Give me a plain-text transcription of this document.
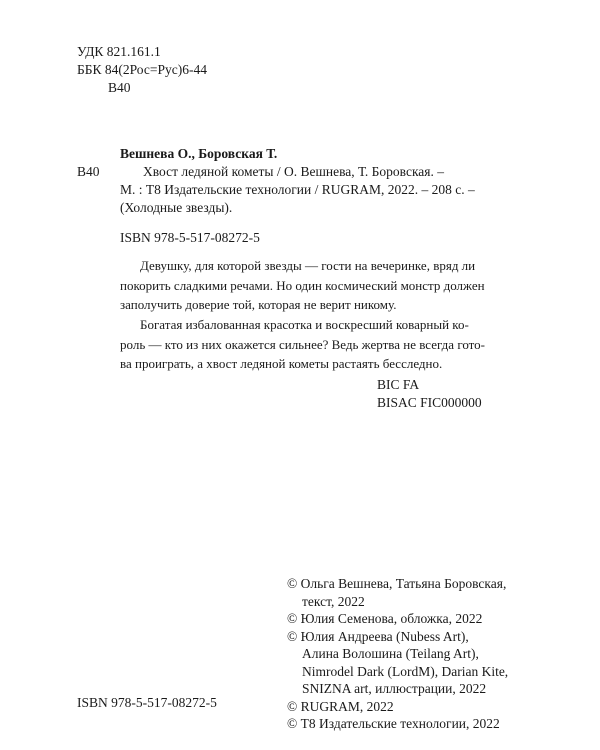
УДК 821.161.1
ББК 84(2Рос=Рус)6-44
В40
Вешнева О., Боровская Т.
В40	Хвост ледяной кометы / О. Вешнева, Т. Боровская. –
М. : Т8 Издательские технологии / RUGRAM, 2022. – 208 с. –
(Холодные звезды).
ISBN 978-5-517-08272-5
Девушку, для которой звезды — гости на вечеринке, вряд ли
покорить сладкими речами. Но один космический монстр должен
заполучить доверие той, которая не верит никому.
Богатая избалованная красотка и воскресший коварный ко-
роль — кто из них окажется сильнее? Ведь жертва не всегда гото-
ва проиграть, а хвост ледяной кометы растаять бесследно.
BIC FA
BISAC FIC000000
ISBN 978-5-517-08272-5
© Ольга Вешнева, Татьяна Боровская,
текст, 2022
© Юлия Семенова, обложка, 2022
© Юлия Андреева (Nubess Art),
Алина Волошина (Teilang Art),
Nimrodel Dark (LordM), Darian Kite,
SNIZNA art, иллюстрации, 2022
© RUGRAM, 2022
© Т8 Издательские технологии, 2022
